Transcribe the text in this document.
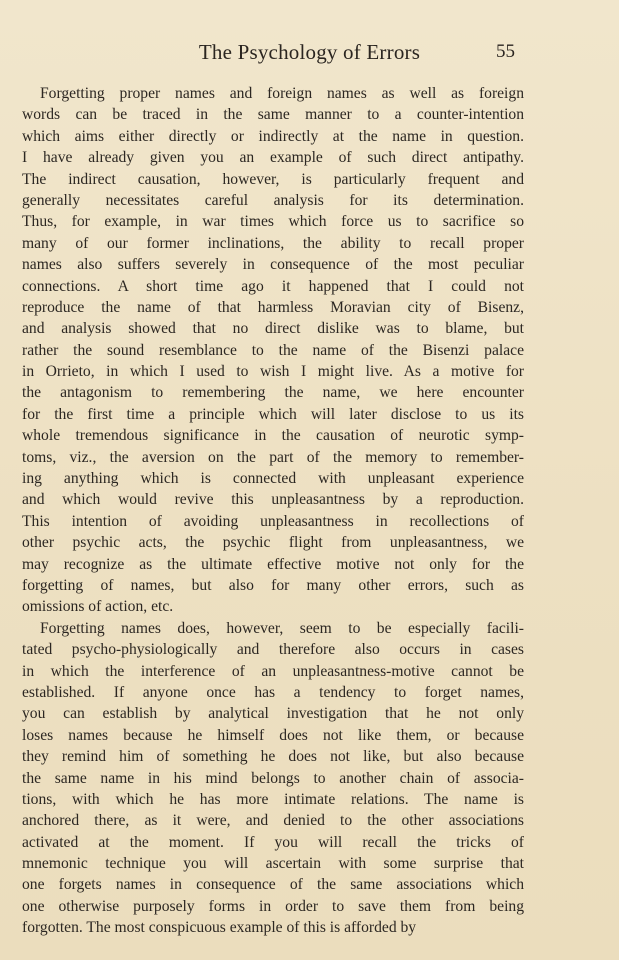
The Psychology of Errors	55
Forgetting proper names and foreign names as well as foreign
words can be traced in the same manner to a counter-intention
which aims either directly or indirectly at the name in question.
I have already given you an example of such direct antipathy.
The indirect causation, however, is particularly frequent and
generally necessitates careful analysis for its determination.
Thus, for example, in war times which force us to sacrifice so
many of our former inclinations, the ability to recall proper
names also suffers severely in consequence of the most peculiar
connections. A short time ago it happened that I could not
reproduce the name of that harmless Moravian city of Bisenz,
and analysis showed that no direct dislike was to blame, but
rather the sound resemblance to the name of the Bisenzi palace
in Orrieto, in which I used to wish I might live. As a motive for
the antagonism to remembering the name, we here encounter
for the first time a principle which will later disclose to us its
whole tremendous significance in the causation of neurotic symp-
toms, viz., the aversion on the part of the memory to remember-
ing anything which is connected with unpleasant experience
and which would revive this unpleasantness by a reproduction.
This intention of avoiding unpleasantness in recollections of
other psychic acts, the psychic flight from unpleasantness, we
may recognize as the ultimate effective motive not only for the
forgetting of names, but also for many other errors, such as
omissions of action, etc.
Forgetting names does, however, seem to be especially facili-
tated psycho-physiologically and therefore also occurs in cases
in which the interference of an unpleasantness-motive cannot be
established. If anyone once has a tendency to forget names,
you can establish by analytical investigation that he not only
loses names because he himself does not like them, or because
they remind him of something he does not like, but also because
the same name in his mind belongs to another chain of associa-
tions, with which he has more intimate relations. The name is
anchored there, as it were, and denied to the other associations
activated at the moment. If you will recall the tricks of
mnemonic technique you will ascertain with some surprise that
one forgets names in consequence of the same associations which
one otherwise purposely forms in order to save them from being
forgotten. The most conspicuous example of this is afforded by
